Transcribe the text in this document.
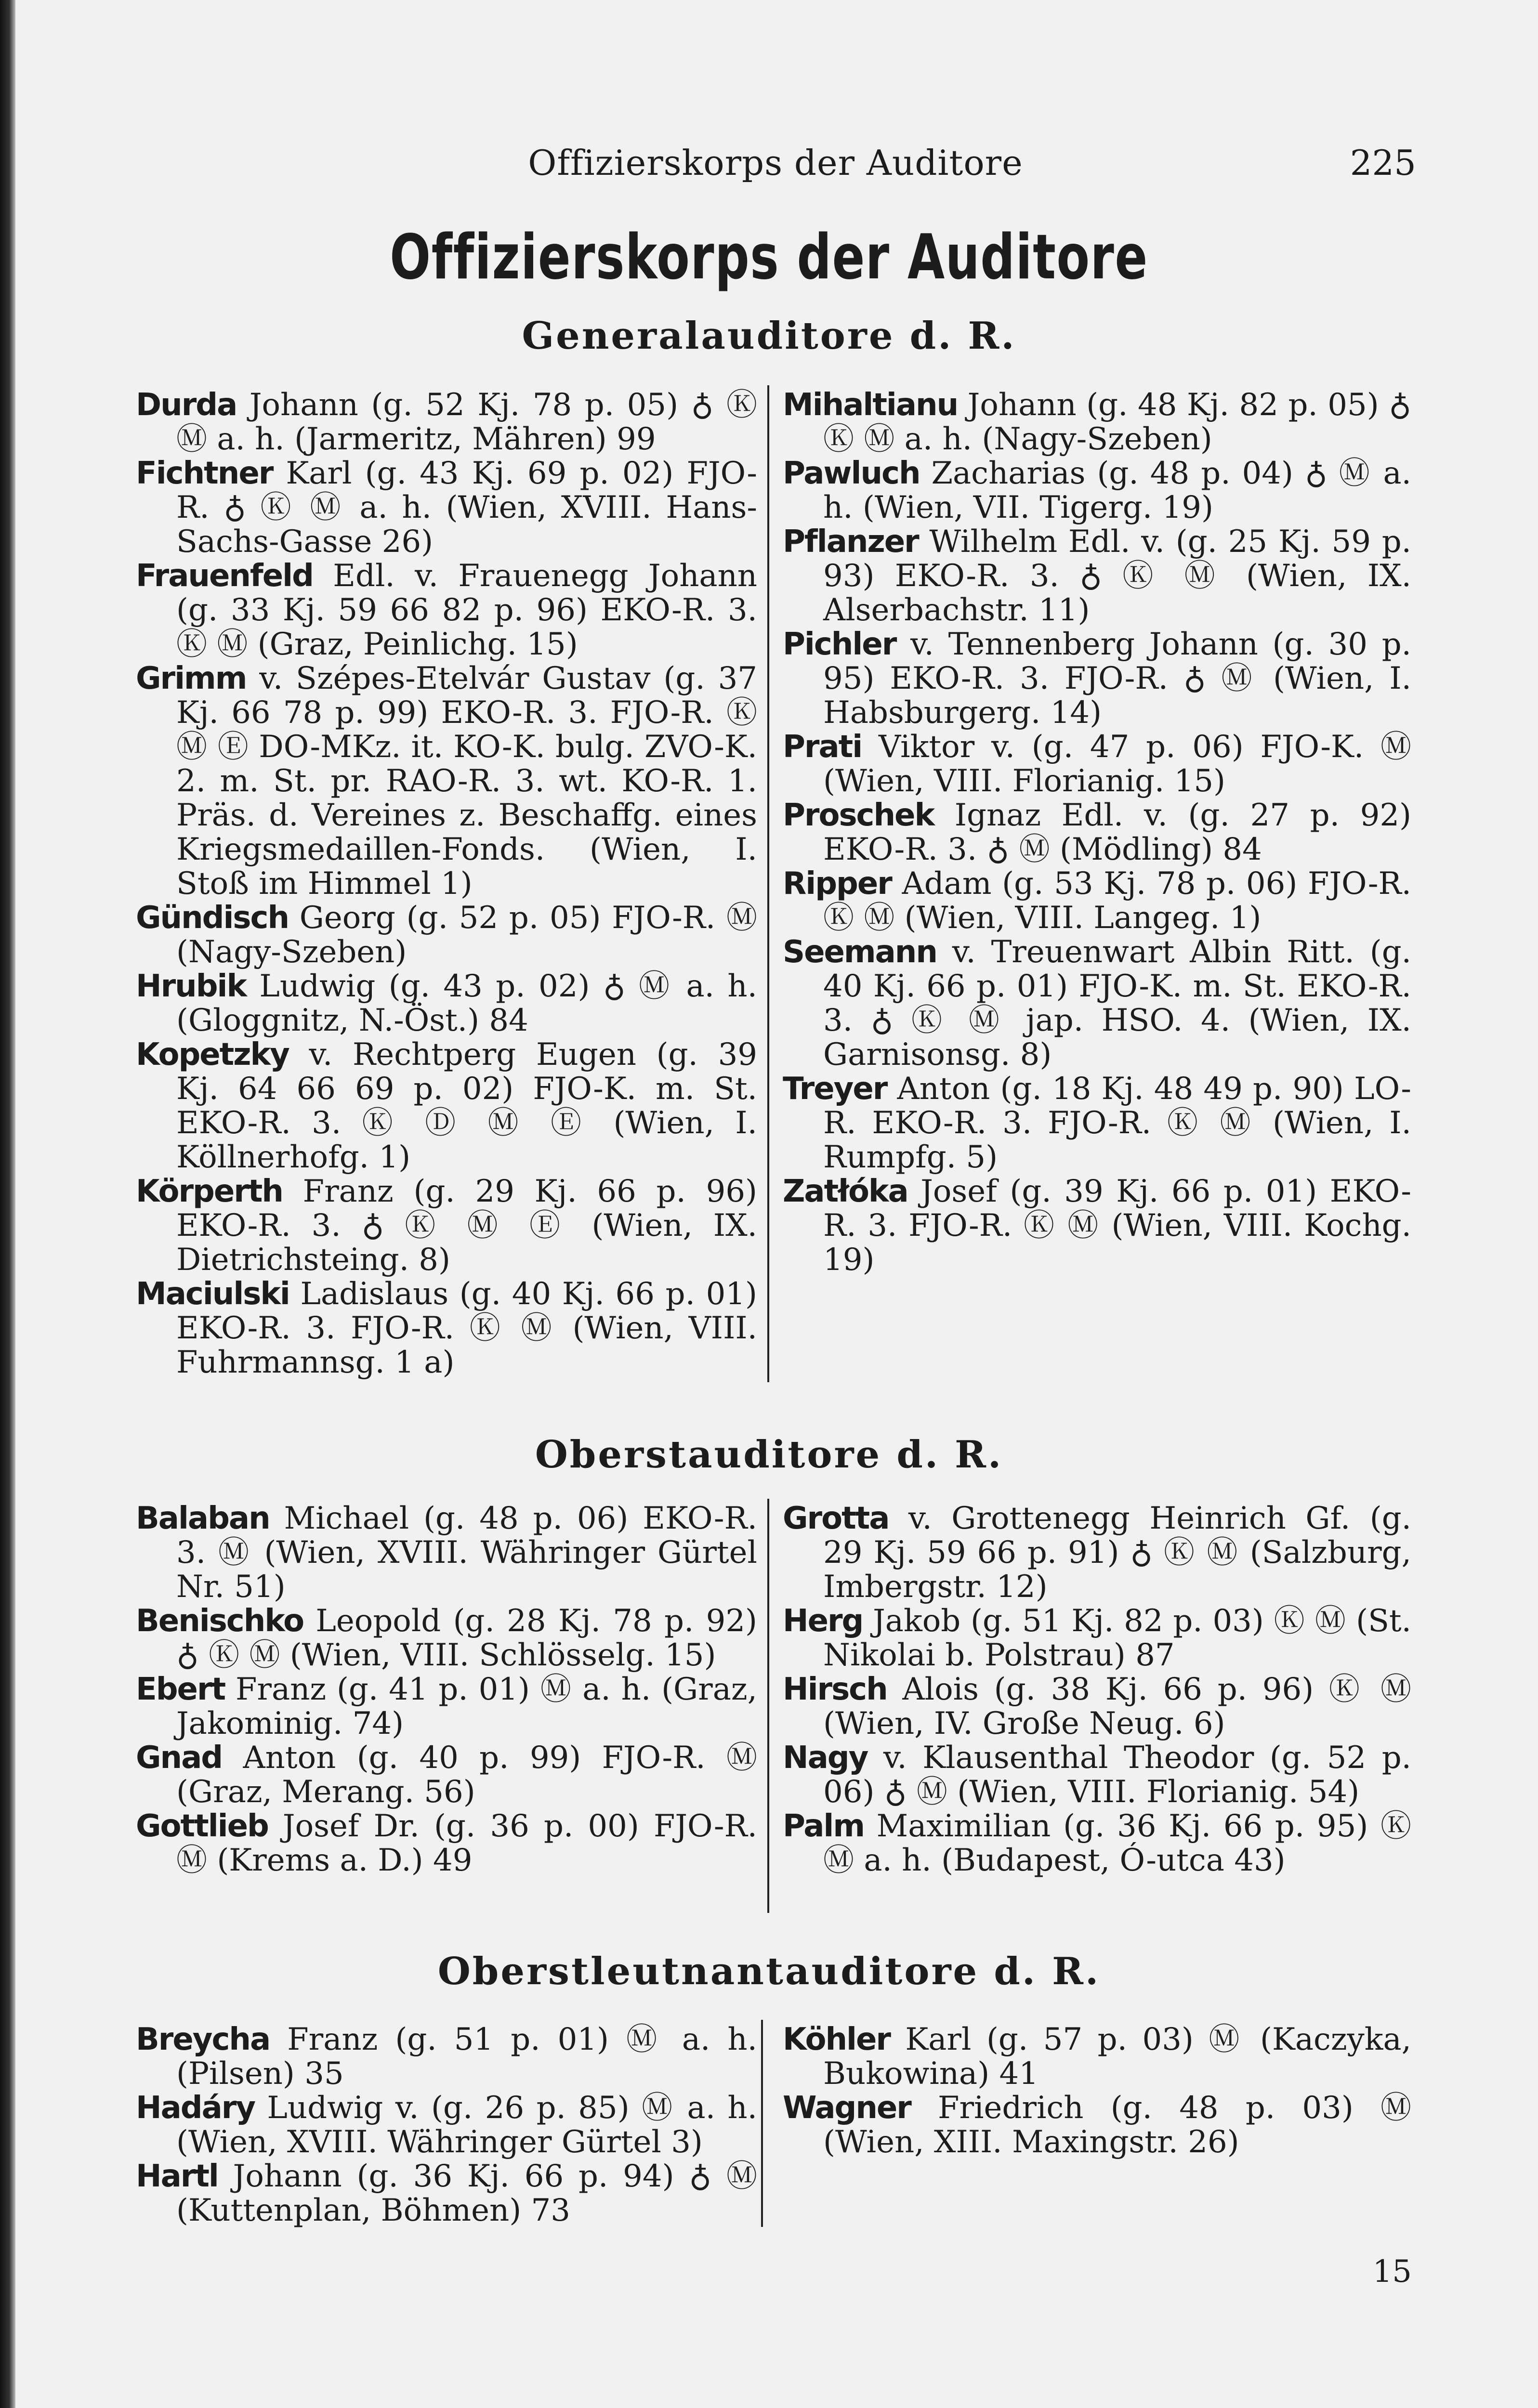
Offizierskorps der Auditore	225
Offizierskorps der Auditore
Generalauditore d. R.

Durda Johann (g. 52 Kj. 78 p. 05) ♁ Ⓚ Ⓜ a. h. (Jarmeritz, Mähren) 99

Fichtner Karl (g. 43 Kj. 69 p. 02) FJO-R. ♁ Ⓚ Ⓜ a. h. (Wien, XVIII. Hans-Sachs-Gasse 26)

Frauenfeld Edl. v. Frauenegg Johann (g. 33 Kj. 59 66 82 p. 96) EKO-R. 3. Ⓚ Ⓜ (Graz, Peinlichg. 15)

Grimm v. Szépes-Etelvár Gustav (g. 37 Kj. 66 78 p. 99) EKO-R. 3. FJO-R. Ⓚ Ⓜ Ⓔ DO-MKz. it. KO-K. bulg. ZVO-K. 2. m. St. pr. RAO-R. 3. wt. KO-R. 1. Präs. d. Vereines z. Beschaffg. eines Kriegsmedaillen-Fonds. (Wien, I. Stoß im Himmel 1)

Gündisch Georg (g. 52 p. 05) FJO-R. Ⓜ (Nagy-Szeben)

Hrubik Ludwig (g. 43 p. 02) ♁ Ⓜ a. h. (Gloggnitz, N.-Öst.) 84

Kopetzky v. Rechtperg Eugen (g. 39 Kj. 64 66 69 p. 02) FJO-K. m. St. EKO-R. 3. Ⓚ Ⓓ Ⓜ Ⓔ (Wien, I. Köllnerhofg. 1)

Körperth Franz (g. 29 Kj. 66 p. 96) EKO-R. 3. ♁ Ⓚ Ⓜ Ⓔ (Wien, IX. Dietrichsteing. 8)

Maciulski Ladislaus (g. 40 Kj. 66 p. 01) EKO-R. 3. FJO-R. Ⓚ Ⓜ (Wien, VIII. Fuhrmannsg. 1 a)

Mihaltianu Johann (g. 48 Kj. 82 p. 05) ♁ Ⓚ Ⓜ a. h. (Nagy-Szeben)

Pawluch Zacharias (g. 48 p. 04) ♁ Ⓜ a. h. (Wien, VII. Tigerg. 19)

Pflanzer Wilhelm Edl. v. (g. 25 Kj. 59 p. 93) EKO-R. 3. ♁ Ⓚ Ⓜ (Wien, IX. Alserbachstr. 11)

Pichler v. Tennenberg Johann (g. 30 p. 95) EKO-R. 3. FJO-R. ♁ Ⓜ (Wien, I. Habsburgerg. 14)

Prati Viktor v. (g. 47 p. 06) FJO-K. Ⓜ (Wien, VIII. Florianig. 15)

Proschek Ignaz Edl. v. (g. 27 p. 92) EKO-R. 3. ♁ Ⓜ (Mödling) 84

Ripper Adam (g. 53 Kj. 78 p. 06) FJO-R. Ⓚ Ⓜ (Wien, VIII. Langeg. 1)

Seemann v. Treuenwart Albin Ritt. (g. 40 Kj. 66 p. 01) FJO-K. m. St. EKO-R. 3. ♁ Ⓚ Ⓜ jap. HSO. 4. (Wien, IX. Garnisonsg. 8)

Treyer Anton (g. 18 Kj. 48 49 p. 90) LO-R. EKO-R. 3. FJO-R. Ⓚ Ⓜ (Wien, I. Rumpfg. 5)

Zatłóka Josef (g. 39 Kj. 66 p. 01) EKO-R. 3. FJO-R. Ⓚ Ⓜ (Wien, VIII. Kochg. 19)

Oberstauditore d. R.

Balaban Michael (g. 48 p. 06) EKO-R. 3. Ⓜ (Wien, XVIII. Währinger Gürtel Nr. 51)

Benischko Leopold (g. 28 Kj. 78 p. 92) ♁ Ⓚ Ⓜ (Wien, VIII. Schlösselg. 15)

Ebert Franz (g. 41 p. 01) Ⓜ a. h. (Graz, Jakominig. 74)

Gnad Anton (g. 40 p. 99) FJO-R. Ⓜ (Graz, Merang. 56)

Gottlieb Josef Dr. (g. 36 p. 00) FJO-R. Ⓜ (Krems a. D.) 49

Grotta v. Grottenegg Heinrich Gf. (g. 29 Kj. 59 66 p. 91) ♁ Ⓚ Ⓜ (Salzburg, Imbergstr. 12)

Herg Jakob (g. 51 Kj. 82 p. 03) Ⓚ Ⓜ (St. Nikolai b. Polstrau) 87

Hirsch Alois (g. 38 Kj. 66 p. 96) Ⓚ Ⓜ (Wien, IV. Große Neug. 6)

Nagy v. Klausenthal Theodor (g. 52 p. 06) ♁ Ⓜ (Wien, VIII. Florianig. 54)

Palm Maximilian (g. 36 Kj. 66 p. 95) Ⓚ Ⓜ a. h. (Budapest, Ó-utca 43)

Oberstleutnantauditore d. R.

Breycha Franz (g. 51 p. 01) Ⓜ a. h. (Pilsen) 35

Hadáry Ludwig v. (g. 26 p. 85) Ⓜ a. h. (Wien, XVIII. Währinger Gürtel 3)

Hartl Johann (g. 36 Kj. 66 p. 94) ♁ Ⓜ (Kuttenplan, Böhmen) 73

Köhler Karl (g. 57 p. 03) Ⓜ (Kaczyka, Bukowina) 41

Wagner Friedrich (g. 48 p. 03) Ⓜ (Wien, XIII. Maxingstr. 26)

15
